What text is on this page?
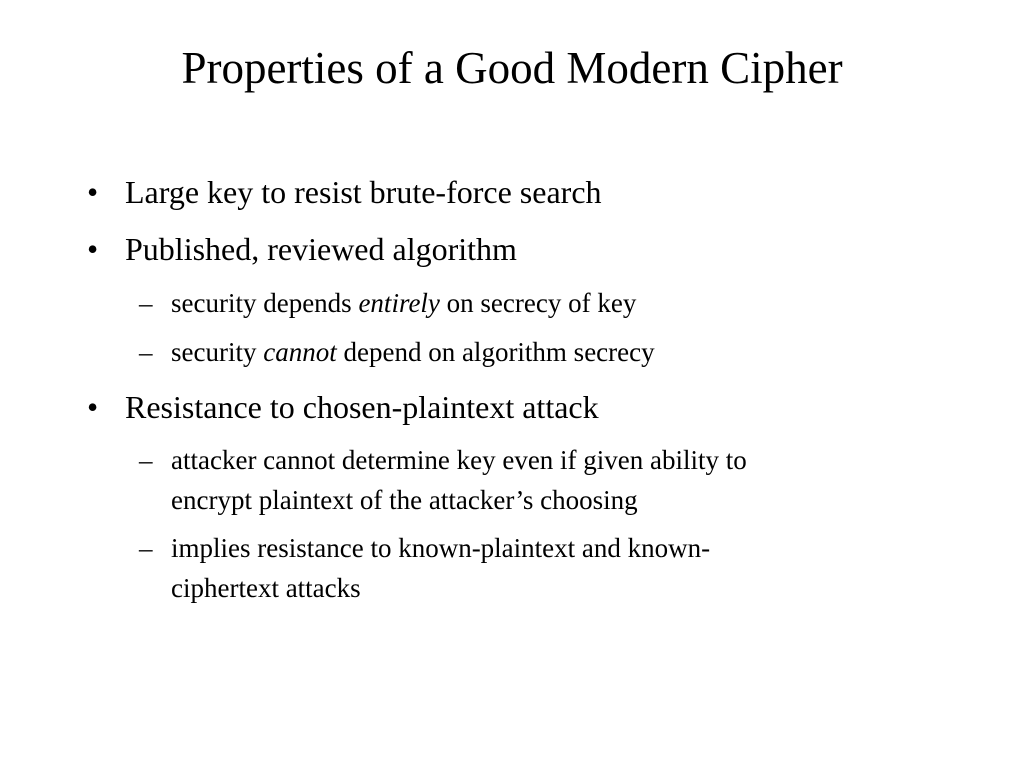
Properties of a Good Modern Cipher
• Large key to resist brute-force search
• Published, reviewed algorithm
– security depends entirely on secrecy of key
– security cannot depend on algorithm secrecy
• Resistance to chosen-plaintext attack
– attacker cannot determine key even if given ability to
encrypt plaintext of the attacker’s choosing
– implies resistance to known-plaintext and known-
ciphertext attacks
